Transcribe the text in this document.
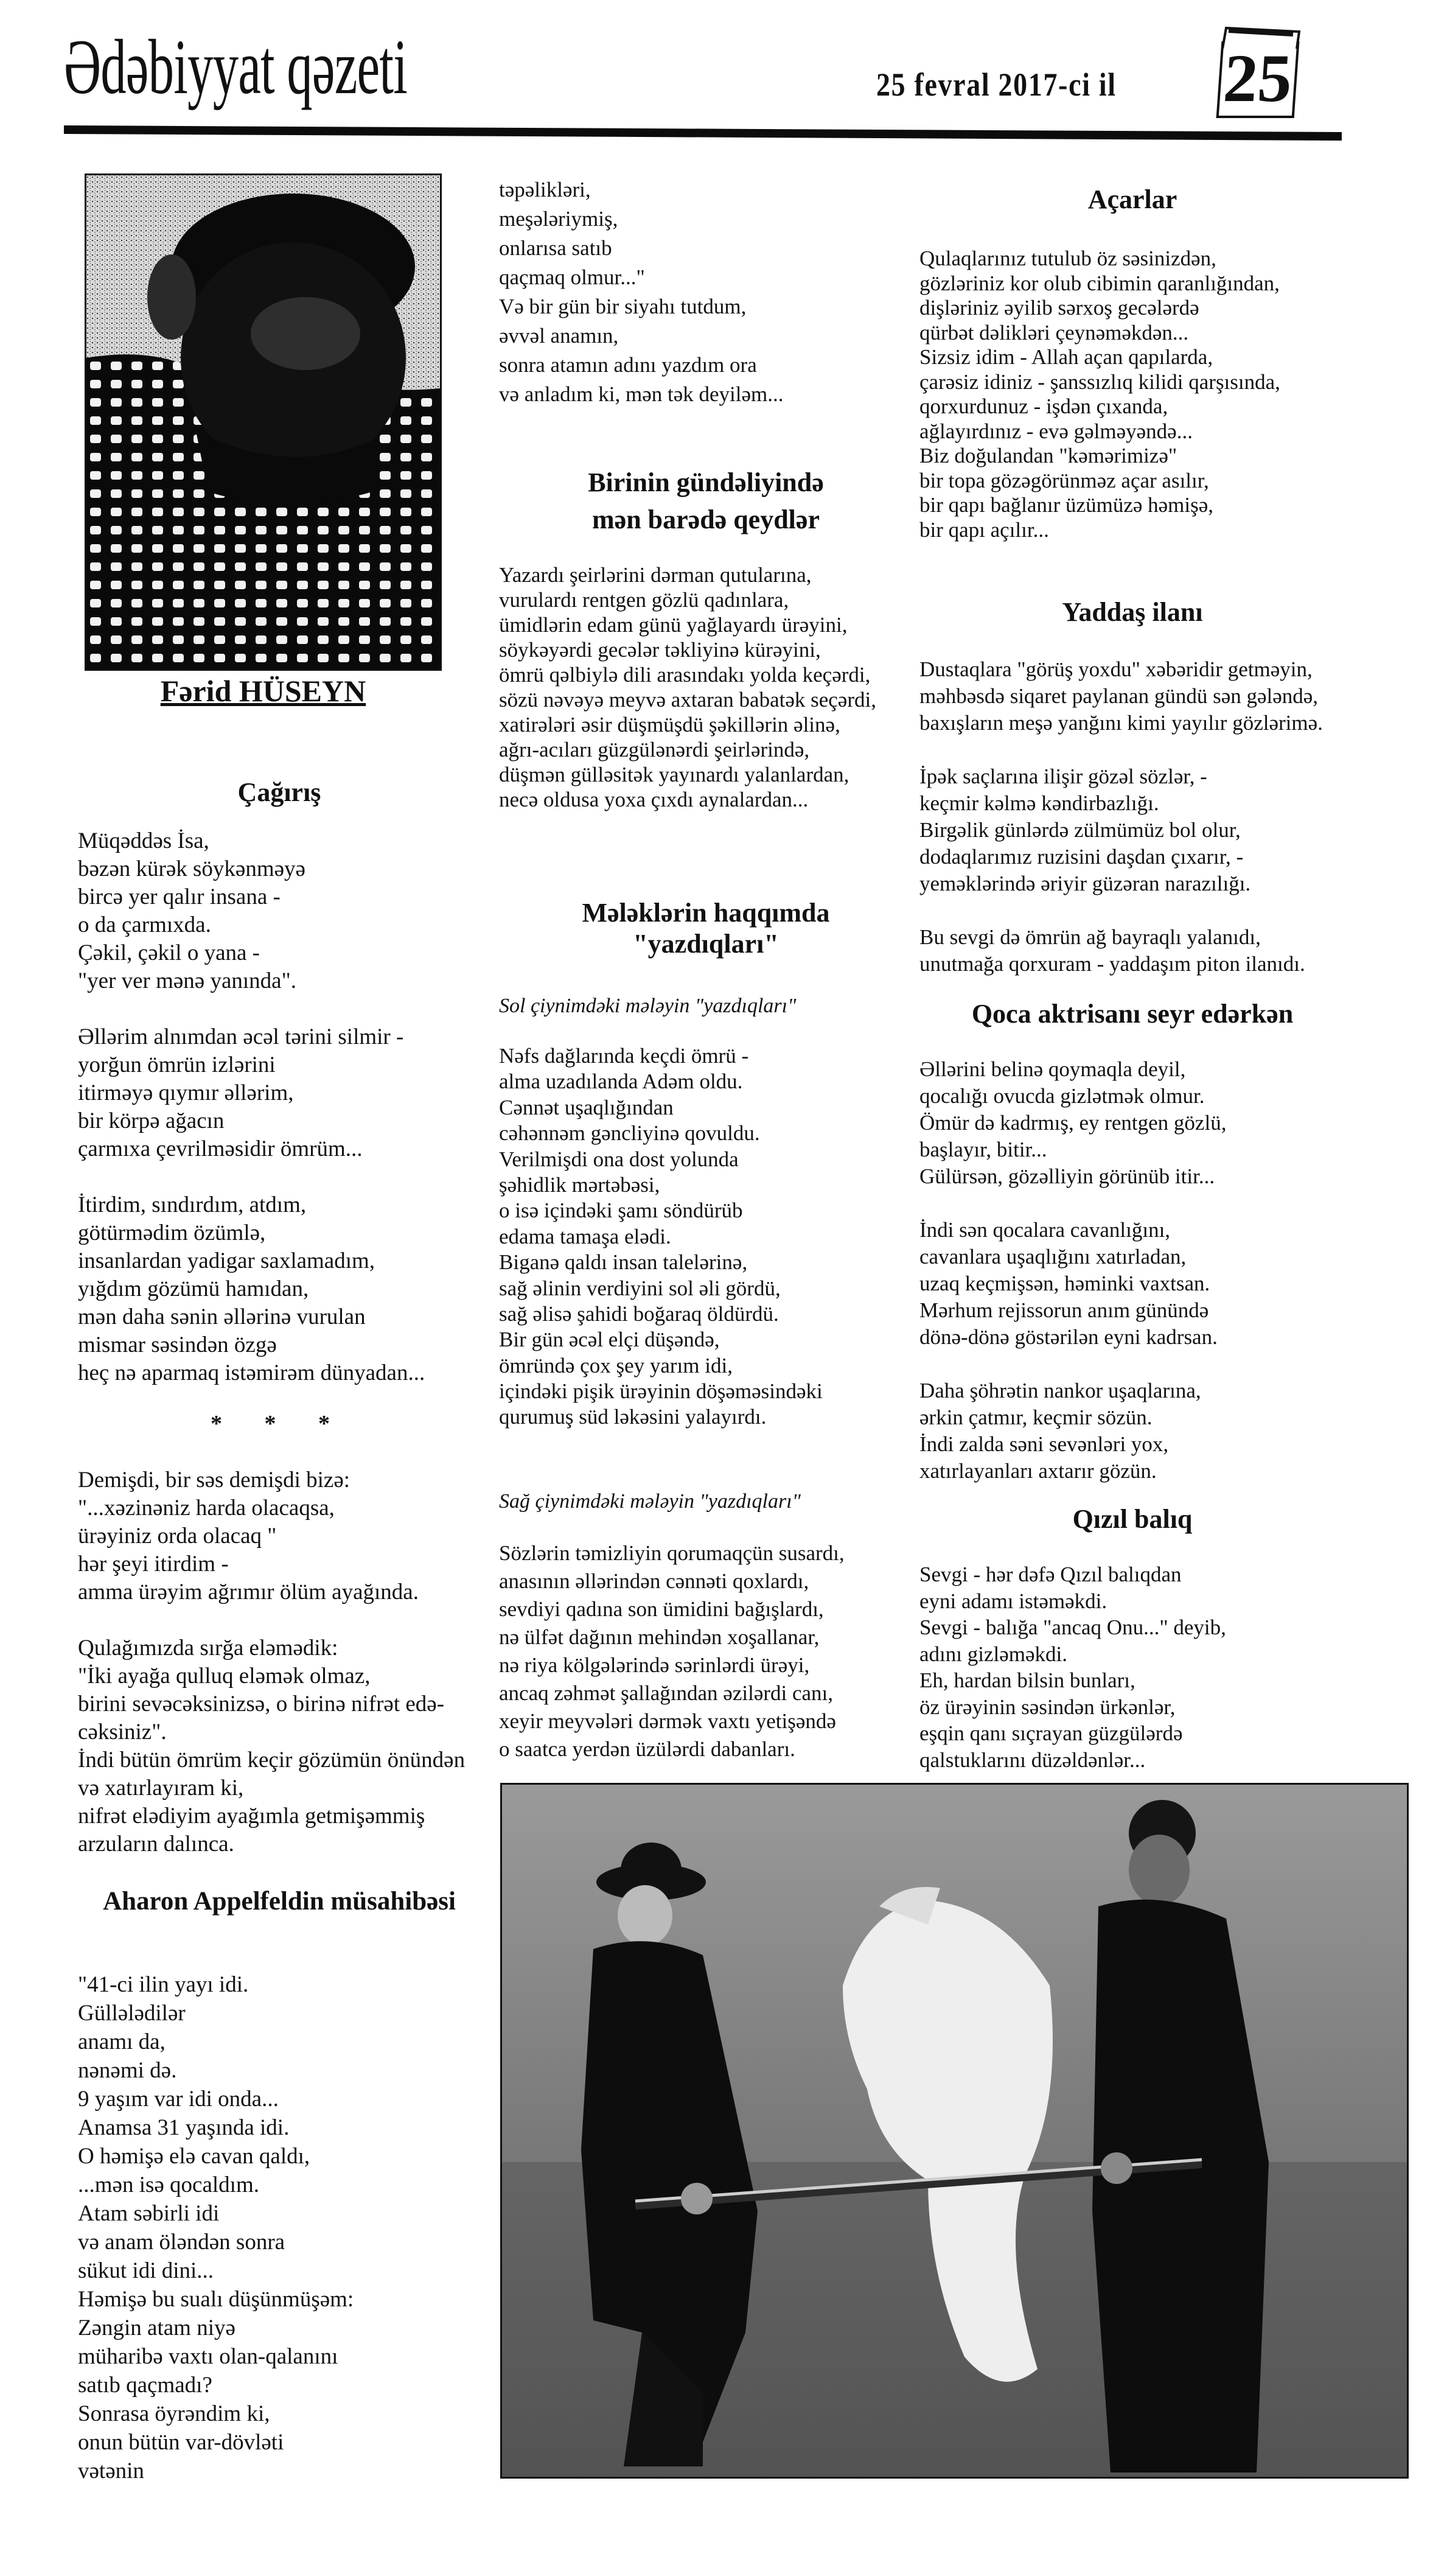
Ədəbiyyat qəzeti	25 fevral 2017-ci il 25
Fərid HÜSEYN
Çağırış
Müqəddəs İsa,
bəzən kürək söykənməyə
bircə yer qalır insana -
o da çarmıxda.
Çəkil, çəkil o yana -
"yer ver mənə yanında".
Əllərim alnımdan əcəl tərini silmir -
yorğun ömrün izlərini
itirməyə qıymır əllərim,
bir körpə ağacın
çarmıxa çevrilməsidir ömrüm...
İtirdim, sındırdım, atdım,
götürmədim özümlə,
insanlardan yadigar saxlamadım,
yığdım gözümü hamıdan,
mən daha sənin əllərinə vurulan
mismar səsindən özgə
heç nə aparmaq istəmirəm dünyadan...
* * *
Demişdi, bir səs demişdi bizə:
"...xəzinəniz harda olacaqsa,
ürəyiniz orda olacaq "
hər şeyi itirdim -
amma ürəyim ağrımır ölüm ayağında.
Qulağımızda sırğa eləmədik:
"İki ayağa qulluq eləmək olmaz,
birini sevəcəksinizsə, o birinə nifrət edə-
cəksiniz".
İndi bütün ömrüm keçir gözümün önündən
və xatırlayıram ki,
nifrət elədiyim ayağımla getmişəmmiş
arzuların dalınca.
Aharon Appelfeldin müsahibəsi
"41-ci ilin yayı idi.
Güllələdilər
anamı da,
nənəmi də.
9 yaşım var idi onda...
Anamsa 31 yaşında idi.
O həmişə elə cavan qaldı,
...mən isə qocaldım.
Atam səbirli idi
və anam öləndən sonra
sükut idi dini...
Həmişə bu sualı düşünmüşəm:
Zəngin atam niyə
müharibə vaxtı olan-qalanını
satıb qaçmadı?
Sonrasa öyrəndim ki,
onun bütün var-dövləti
vətənin
təpəlikləri,
meşələriymiş,
onlarısa satıb
qaçmaq olmur..."
Və bir gün bir siyahı tutdum,
əvvəl anamın,
sonra atamın adını yazdım ora
və anladım ki, mən tək deyiləm...
Birinin gündəliyində
mən barədə qeydlər
Yazardı şeirlərini dərman qutularına,
vurulardı rentgen gözlü qadınlara,
ümidlərin edam günü yağlayardı ürəyini,
söykəyərdi gecələr təkliyinə kürəyini,
ömrü qəlbiylə dili arasındakı yolda keçərdi,
sözü nəvəyə meyvə axtaran babatək seçərdi,
xatirələri əsir düşmüşdü şəkillərin əlinə,
ağrı-acıları güzgülənərdi şeirlərində,
düşmən gülləsitək yayınardı yalanlardan,
necə oldusa yoxa çıxdı aynalardan...
Mələklərin haqqımda
"yazdıqları"
Sol çiynimdəki mələyin "yazdıqları"
Nəfs dağlarında keçdi ömrü -
alma uzadılanda Adəm oldu.
Cənnət uşaqlığından
cəhənnəm gəncliyinə qovuldu.
Verilmişdi ona dost yolunda
şəhidlik mərtəbəsi,
o isə içindəki şamı söndürüb
edama tamaşa elədi.
Biganə qaldı insan talelərinə,
sağ əlinin verdiyini sol əli gördü,
sağ əlisə şahidi boğaraq öldürdü.
Bir gün əcəl elçi düşəndə,
ömründə çox şey yarım idi,
içindəki pişik ürəyinin döşəməsindəki
qurumuş süd ləkəsini yalayırdı.
Sağ çiynimdəki mələyin "yazdıqları"
Sözlərin təmizliyin qorumaqçün susardı,
anasının əllərindən cənnəti qoxlardı,
sevdiyi qadına son ümidini bağışlardı,
nə ülfət dağının mehindən xoşallanar,
nə riya kölgələrində sərinlərdi ürəyi,
ancaq zəhmət şallağından əzilərdi canı,
xeyir meyvələri dərmək vaxtı yetişəndə
o saatca yerdən üzülərdi dabanları.
Açarlar
Qulaqlarınız tutulub öz səsinizdən,
gözləriniz kor olub cibimin qaranlığından,
dişləriniz əyilib sərxoş gecələrdə
qürbət dəlikləri çeynəməkdən...
Sizsiz idim - Allah açan qapılarda,
çarəsiz idiniz - şanssızlıq kilidi qarşısında,
qorxurdunuz - işdən çıxanda,
ağlayırdınız - evə gəlməyəndə...
Biz doğulandan "kəmərimizə"
bir topa gözəgörünməz açar asılır,
bir qapı bağlanır üzümüzə həmişə,
bir qapı açılır...
Yaddaş ilanı
Dustaqlara "görüş yoxdu" xəbəridir getməyin,
məhbəsdə siqaret paylanan gündü sən gələndə,
baxışların meşə yanğını kimi yayılır gözlərimə.
İpək saçlarına ilişir gözəl sözlər, -
keçmir kəlmə kəndirbazlığı.
Birgəlik günlərdə zülmümüz bol olur,
dodaqlarımız ruzisini daşdan çıxarır, -
yeməklərində əriyir güzəran narazılığı.
Bu sevgi də ömrün ağ bayraqlı yalanıdı,
unutmağa qorxuram - yaddaşım piton ilanıdı.
Qoca aktrisanı seyr edərkən
Əllərini belinə qoymaqla deyil,
qocalığı ovucda gizlətmək olmur.
Ömür də kadrmış, ey rentgen gözlü,
başlayır, bitir...
Gülürsən, gözəlliyin görünüb itir...
İndi sən qocalara cavanlığını,
cavanlara uşaqlığını xatırladan,
uzaq keçmişsən, həminki vaxtsan.
Mərhum rejissorun anım günündə
dönə-dönə göstərilən eyni kadrsan.
Daha şöhrətin nankor uşaqlarına,
ərkin çatmır, keçmir sözün.
İndi zalda səni sevənləri yox,
xatırlayanları axtarır gözün.
Qızıl balıq
Sevgi - hər dəfə Qızıl balıqdan
eyni adamı istəməkdi.
Sevgi - balığa "ancaq Onu..." deyib,
adını gizləməkdi.
Eh, hardan bilsin bunları,
öz ürəyinin səsindən ürkənlər,
eşqin qanı sıçrayan güzgülərdə
qalstuklarını düzəldənlər...
